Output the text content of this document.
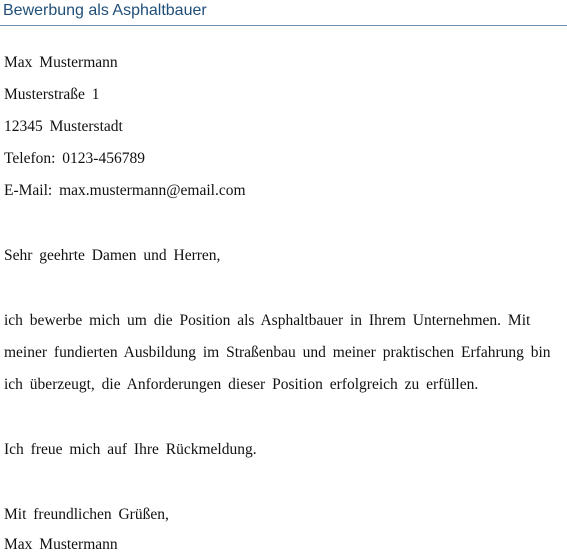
Bewerbung als Asphaltbauer
Max Mustermann
Musterstraße 1
12345 Musterstadt
Telefon: 0123-456789
E-Mail: max.mustermann@email.com
Sehr geehrte Damen und Herren,
ich bewerbe mich um die Position als Asphaltbauer in Ihrem Unternehmen. Mit
meiner fundierten Ausbildung im Straßenbau und meiner praktischen Erfahrung bin
ich überzeugt, die Anforderungen dieser Position erfolgreich zu erfüllen.
Ich freue mich auf Ihre Rückmeldung.
Mit freundlichen Grüßen,
Max Mustermann
